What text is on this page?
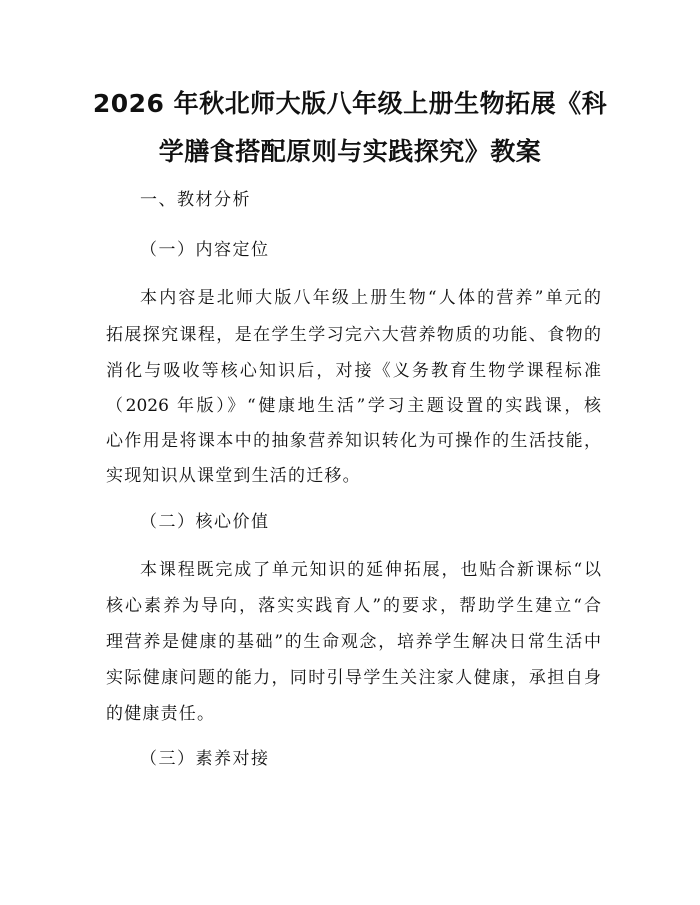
2026 年秋北师大版八年级上册生物拓展《科
学膳食搭配原则与实践探究》教案

一、教材分析

（一）内容定位

本内容是北师大版八年级上册生物“人体的营养”单元的

拓展探究课程，是在学生学习完六大营养物质的功能、食物的

消化与吸收等核心知识后，对接《义务教育生物学课程标准

（2026 年版）》“健康地生活”学习主题设置的实践课，核

心作用是将课本中的抽象营养知识转化为可操作的生活技能，

实现知识从课堂到生活的迁移。

（二）核心价值

本课程既完成了单元知识的延伸拓展，也贴合新课标“以

核心素养为导向，落实实践育人”的要求，帮助学生建立“合

理营养是健康的基础”的生命观念，培养学生解决日常生活中

实际健康问题的能力，同时引导学生关注家人健康，承担自身

的健康责任。

（三）素养对接
